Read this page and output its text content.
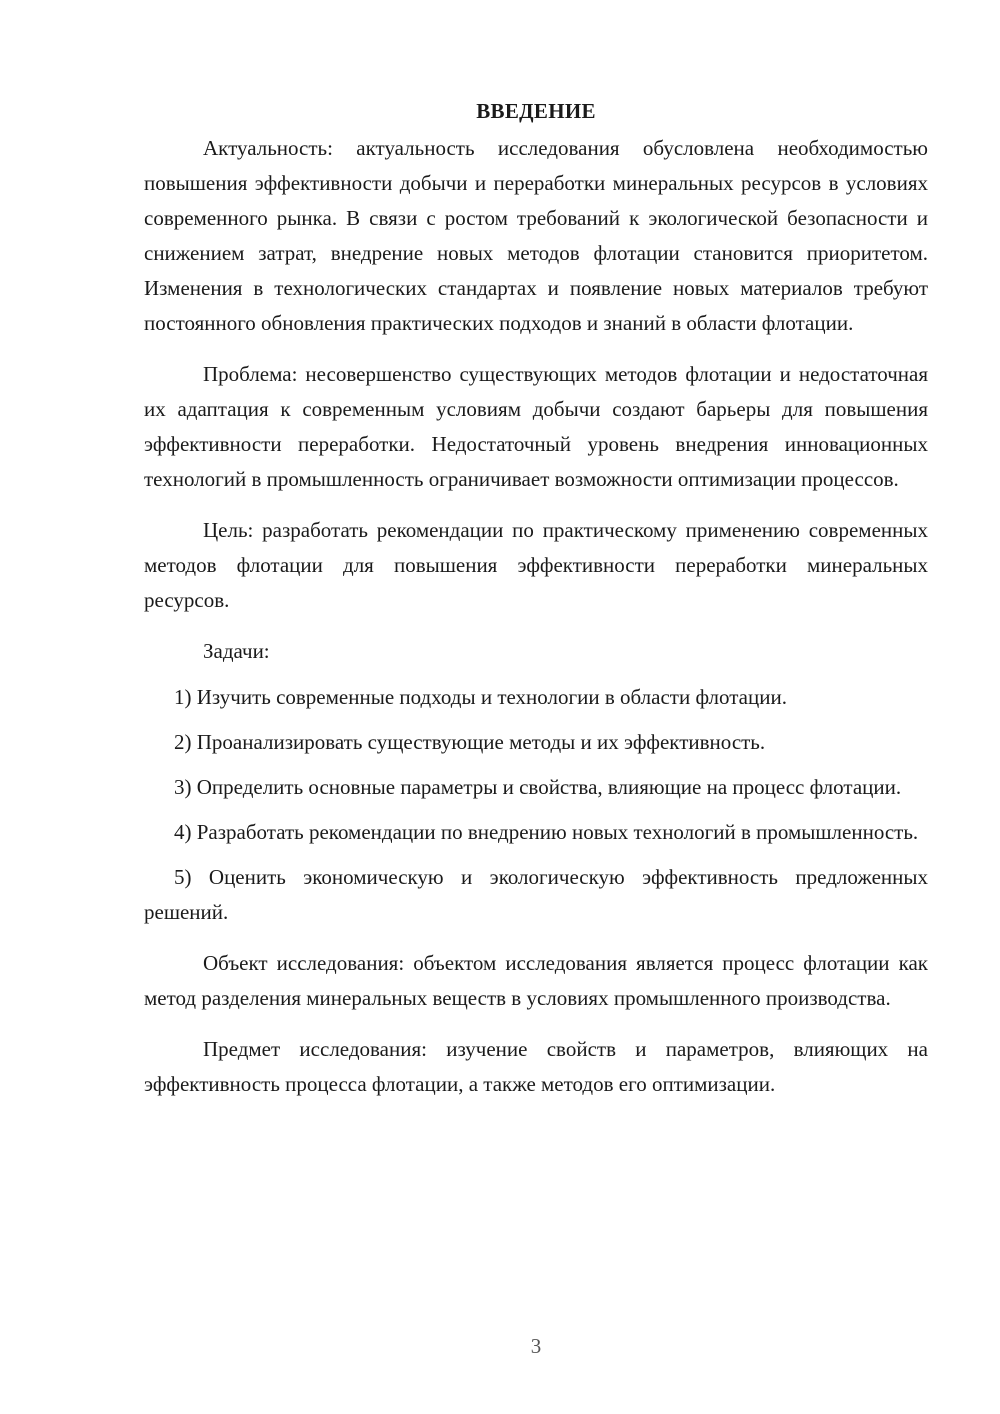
ВВЕДЕНИЕ

Актуальность: актуальность исследования обусловлена необходимостью повышения эффективности добычи и переработки минеральных ресурсов в условиях современного рынка. В связи с ростом требований к экологической безопасности и снижением затрат, внедрение новых методов флотации становится приоритетом. Изменения в технологических стандартах и появление новых материалов требуют постоянного обновления практических подходов и знаний в области флотации.

Проблема: несовершенство существующих методов флотации и недостаточная их адаптация к современным условиям добычи создают барьеры для повышения эффективности переработки. Недостаточный уровень внедрения инновационных технологий в промышленность ограничивает возможности оптимизации процессов.

Цель: разработать рекомендации по практическому применению современных методов флотации для повышения эффективности переработки минеральных ресурсов.

Задачи:

1) Изучить современные подходы и технологии в области флотации.

2) Проанализировать существующие методы и их эффективность.

3) Определить основные параметры и свойства, влияющие на процесс флотации.

4) Разработать рекомендации по внедрению новых технологий в промышленность.

5) Оценить экономическую и экологическую эффективность предложенных решений.

Объект исследования: объектом исследования является процесс флотации как метод разделения минеральных веществ в условиях промышленного производства.

Предмет исследования: изучение свойств и параметров, влияющих на эффективность процесса флотации, а также методов его оптимизации.

3
